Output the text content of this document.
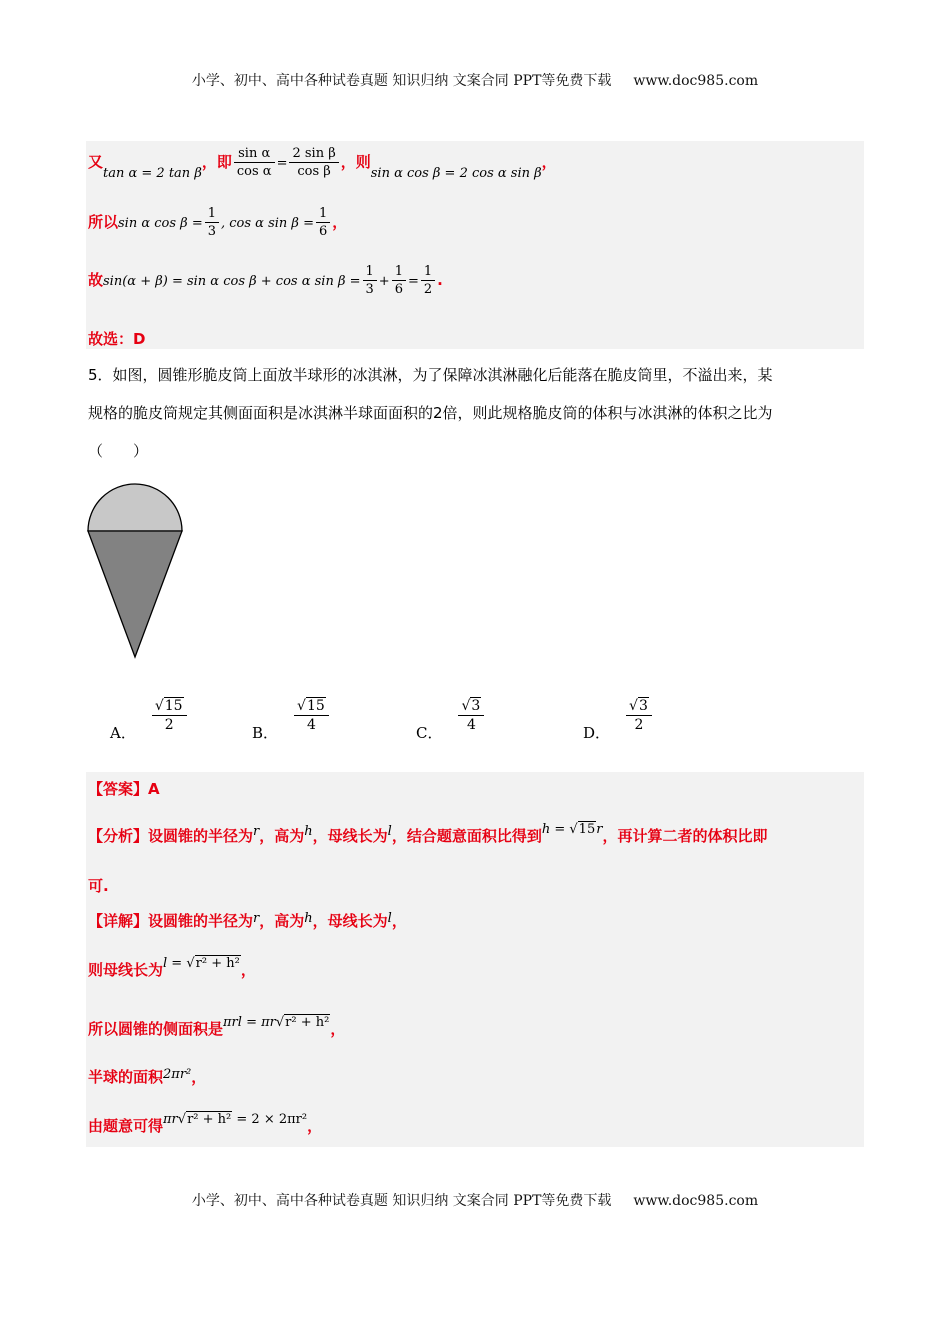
小学、初中、高中各种试卷真题 知识归纳 文案合同 PPT等免费下载 www.doc985.com
又tan α = 2 tan β，即 $\frac{\text{sin α}}{\text{cos α}} = \frac{\text{2 sin β}}{\text{cos β}}$ ，则sin α cos β = 2 cos α sin β，
所以sin α $\cos \beta = \frac{1}{3}$ , cos α $\sin \beta = \frac{1}{6}$ ，
故sin(α + β) = sin α cos β + cos α $\sin \beta = \frac{1}{3} + \frac{1}{6} = \frac{1}{2}$ .
故选：D
5．如图，圆锥形脆皮筒上面放半球形的冰淇淋，为了保障冰淇淋融化后能落在脆皮筒里，不溢出来，某
规格的脆皮筒规定其侧面面积是冰淇淋半球面面积的2倍，则此规格脆皮筒的体积与冰淇淋的体积之比为
（　　）
A． $\frac{√15}{2}$	B． $\frac{√15}{4}$	C． $\frac{√3}{4}$	D． $\frac{√3}{2}$
【答案】A
【分析】设圆锥的半径为r，高为h，母线长为l，结合题意面积比得到h = √15r，再计算二者的体积比即
可.
【详解】设圆锥的半径为r，高为h，母线长为l，
则母线长为l = √r² + h²，
所以圆锥的侧面积是πrl = πr√r² + h²，
半球的面积2πr²，
由题意可得πr√r² + h² = 2 × 2πr²，
小学、初中、高中各种试卷真题 知识归纳 文案合同 PPT等免费下载 www.doc985.com
